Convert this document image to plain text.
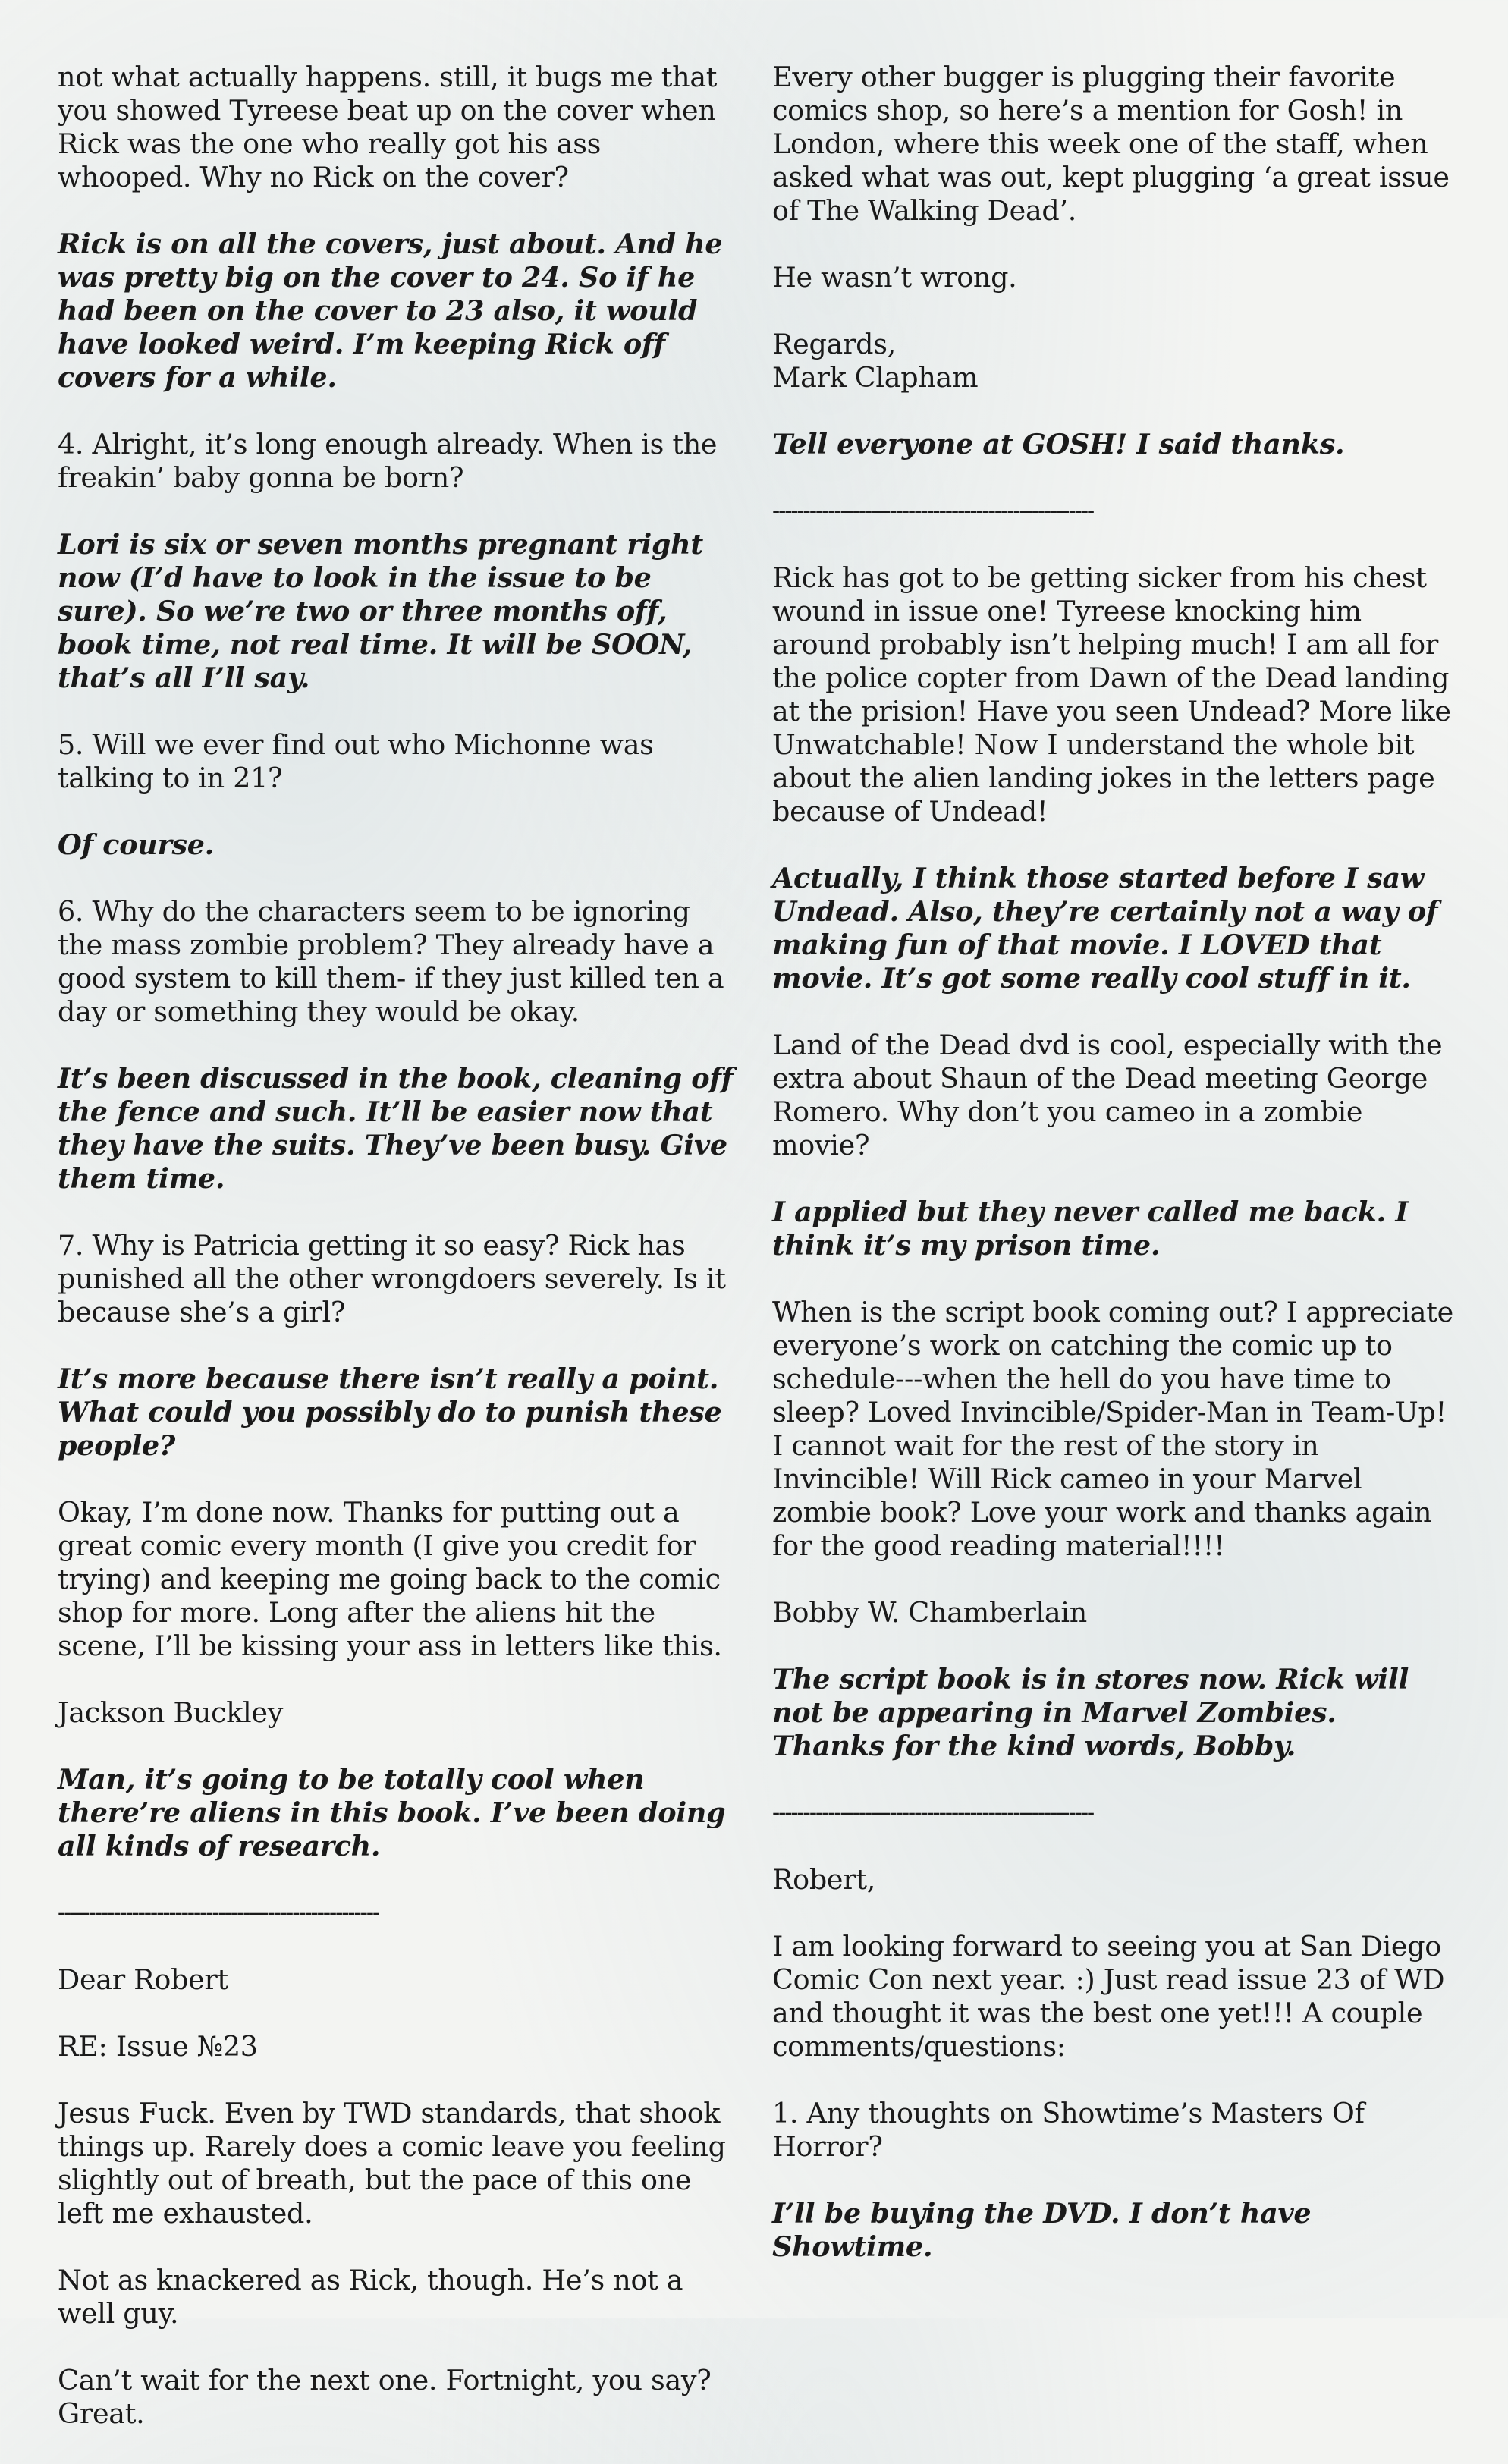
not what actually happens. still, it bugs me that you showed Tyreese beat up on the cover when Rick was the one who really got his ass whooped. Why no Rick on the cover?

Rick is on all the covers, just about. And he was pretty big on the cover to 24. So if he had been on the cover to 23 also, it would have looked weird. I’m keeping Rick off covers for a while.

4. Alright, it’s long enough already. When is the freakin’ baby gonna be born?

Lori is six or seven months pregnant right now (I’d have to look in the issue to be sure). So we’re two or three months off, book time, not real time. It will be SOON, that’s all I’ll say.

5. Will we ever find out who Michonne was talking to in 21?

Of course.

6. Why do the characters seem to be ignoring the mass zombie problem? They already have a good system to kill them- if they just killed ten a day or something they would be okay.

It’s been discussed in the book, cleaning off the fence and such. It’ll be easier now that they have the suits. They’ve been busy. Give them time.

7. Why is Patricia getting it so easy? Rick has punished all the other wrongdoers severely. Is it because she’s a girl?

It’s more because there isn’t really a point. What could you possibly do to punish these people?

Okay, I’m done now. Thanks for putting out a great comic every month (I give you credit for trying) and keeping me going back to the comic shop for more. Long after the aliens hit the scene, I’ll be kissing your ass in letters like this.

Jackson Buckley

Man, it’s going to be totally cool when there’re aliens in this book. I’ve been doing all kinds of research.

----------------------------------------------------

Dear Robert

RE: Issue №23

Jesus Fuck. Even by TWD standards, that shook things up. Rarely does a comic leave you feeling slightly out of breath, but the pace of this one left me exhausted.

Not as knackered as Rick, though. He’s not a well guy.

Can’t wait for the next one. Fortnight, you say? Great.

Every other bugger is plugging their favorite comics shop, so here’s a mention for Gosh! in London, where this week one of the staff, when asked what was out, kept plugging ‘a great issue of The Walking Dead’.

He wasn’t wrong.

Regards,

Mark Clapham

Tell everyone at GOSH! I said thanks.

----------------------------------------------------

Rick has got to be getting sicker from his chest wound in issue one! Tyreese knocking him around probably isn’t helping much! I am all for the police copter from Dawn of the Dead landing at the prision! Have you seen Undead? More like Unwatchable! Now I understand the whole bit about the alien landing jokes in the letters page because of Undead!

Actually, I think those started before I saw Undead. Also, they’re certainly not a way of making fun of that movie. I LOVED that movie. It’s got some really cool stuff in it.

Land of the Dead dvd is cool, especially with the extra about Shaun of the Dead meeting George Romero. Why don’t you cameo in a zombie movie?

I applied but they never called me back. I think it’s my prison time.

When is the script book coming out? I appreciate everyone’s work on catching the comic up to schedule---when the hell do you have time to sleep? Loved Invincible/Spider-Man in Team-Up! I cannot wait for the rest of the story in Invincible! Will Rick cameo in your Marvel zombie book? Love your work and thanks again for the good reading material!!!!

Bobby W. Chamberlain

The script book is in stores now. Rick will not be appearing in Marvel Zombies. Thanks for the kind words, Bobby.

----------------------------------------------------

Robert,

I am looking forward to seeing you at San Diego Comic Con next year. :) Just read issue 23 of WD and thought it was the best one yet!!! A couple comments/questions:

1. Any thoughts on Showtime’s Masters Of Horror?

I’ll be buying the DVD. I don’t have Showtime.
